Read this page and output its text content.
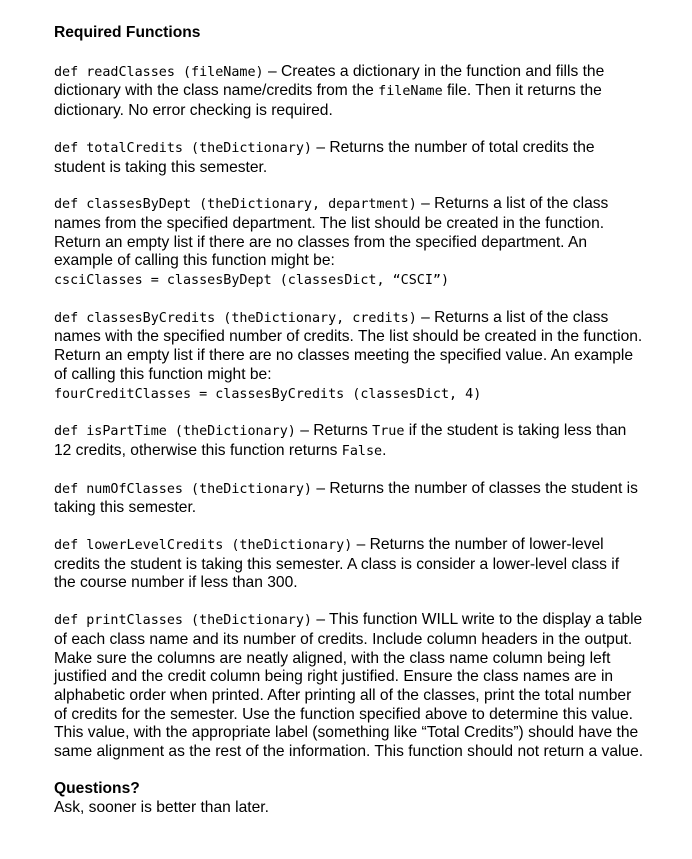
Required Functions

def readClasses (fileName) – Creates a dictionary in the function and fills the dictionary with the class name/credits from the fileName file. Then it returns the dictionary. No error checking is required.

def totalCredits (theDictionary) – Returns the number of total credits the student is taking this semester.

def classesByDept (theDictionary, department) – Returns a list of the class names from the specified department. The list should be created in the function. Return an empty list if there are no classes from the specified department. An example of calling this function might be:
csciClasses = classesByDept (classesDict, “CSCI”)

def classesByCredits (theDictionary, credits) – Returns a list of the class names with the specified number of credits. The list should be created in the function. Return an empty list if there are no classes meeting the specified value. An example of calling this function might be:
fourCreditClasses = classesByCredits (classesDict, 4)

def isPartTime (theDictionary) – Returns True if the student is taking less than 12 credits, otherwise this function returns False.

def numOfClasses (theDictionary) – Returns the number of classes the student is taking this semester.

def lowerLevelCredits (theDictionary) – Returns the number of lower-level credits the student is taking this semester. A class is consider a lower-level class if the course number if less than 300.

def printClasses (theDictionary) – This function WILL write to the display a table of each class name and its number of credits. Include column headers in the output. Make sure the columns are neatly aligned, with the class name column being left justified and the credit column being right justified. Ensure the class names are in alphabetic order when printed. After printing all of the classes, print the total number of credits for the semester. Use the function specified above to determine this value. This value, with the appropriate label (something like “Total Credits”) should have the same alignment as the rest of the information. This function should not return a value.

Questions?

Ask, sooner is better than later.
